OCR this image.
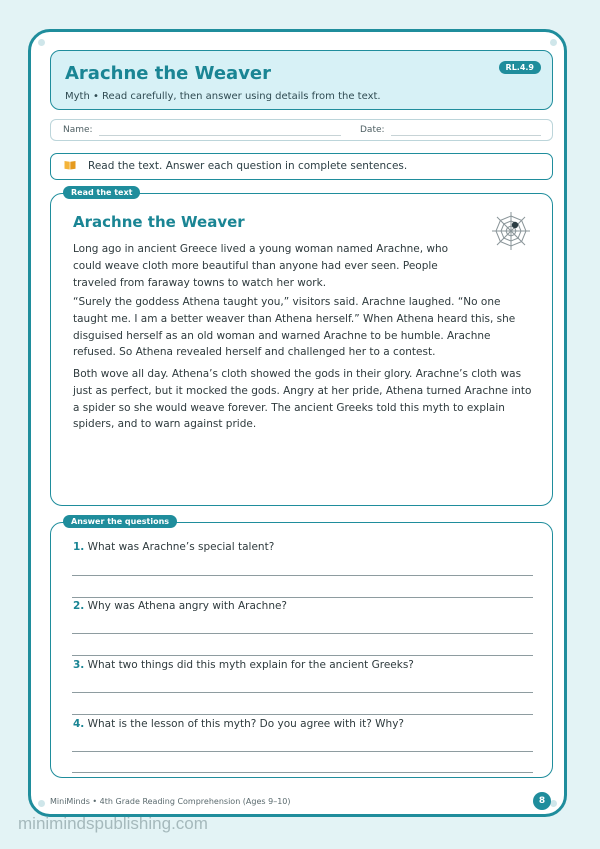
Arachne the Weaver
Myth • Read carefully, then answer using details from the text.
RL.4.9
Name:	Date:
Read the text. Answer each question in complete sentences.
Read the text
Arachne the Weaver

Long ago in ancient Greece lived a young woman named Arachne, who could weave cloth more beautiful than anyone had ever seen. People traveled from faraway towns to watch her work.

“Surely the goddess Athena taught you,” visitors said. Arachne laughed. “No one taught me. I am a better weaver than Athena herself.” When Athena heard this, she disguised herself as an old woman and warned Arachne to be humble. Arachne refused. So Athena revealed herself and challenged her to a contest.

Both wove all day. Athena’s cloth showed the gods in their glory. Arachne’s cloth was just as perfect, but it mocked the gods. Angry at her pride, Athena turned Arachne into a spider so she would weave forever. The ancient Greeks told this myth to explain spiders, and to warn against pride.

Answer the questions
1. What was Arachne’s special talent?
2. Why was Athena angry with Arachne?
3. What two things did this myth explain for the ancient Greeks?
4. What is the lesson of this myth? Do you agree with it? Why?
MiniMinds • 4th Grade Reading Comprehension (Ages 9–10)	8
minimindspublishing.com
